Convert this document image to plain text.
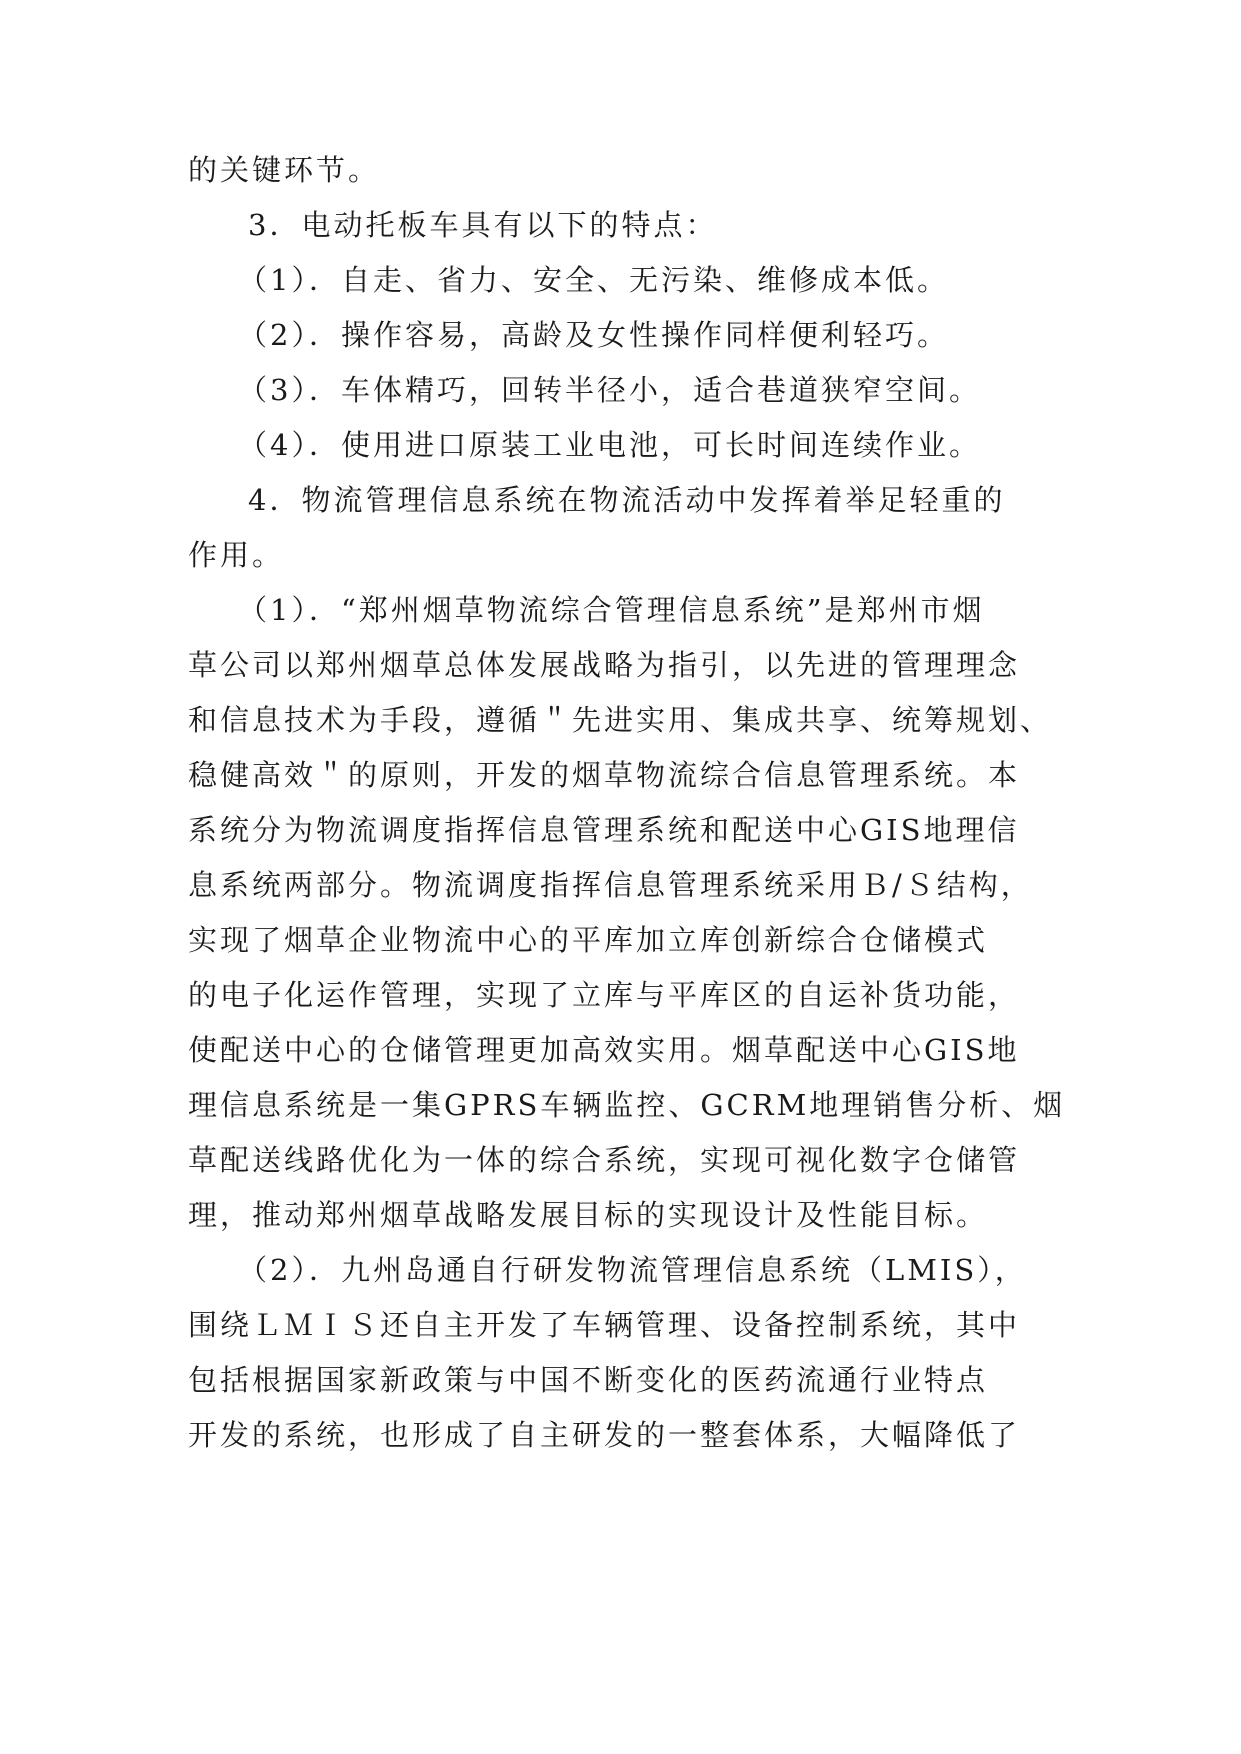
的关键环节。
3．电动托板车具有以下的特点：
（1）．自走、省力、安全、无污染、维修成本低。
（2）．操作容易，高龄及女性操作同样便利轻巧。
（3）．车体精巧，回转半径小，适合巷道狭窄空间。
（4）．使用进口原装工业电池，可长时间连续作业。
4．物流管理信息系统在物流活动中发挥着举足轻重的
作用。
（1）．“郑州烟草物流综合管理信息系统”是郑州市烟
草公司以郑州烟草总体发展战略为指引，以先进的管理理念
和信息技术为手段，遵循＂先进实用、集成共享、统筹规划、
稳健高效＂的原则，开发的烟草物流综合信息管理系统。本
系统分为物流调度指挥信息管理系统和配送中心GIS地理信
息系统两部分。物流调度指挥信息管理系统采用Ｂ/Ｓ结构，
实现了烟草企业物流中心的平库加立库创新综合仓储模式
的电子化运作管理，实现了立库与平库区的自运补货功能，
使配送中心的仓储管理更加高效实用。烟草配送中心GIS地
理信息系统是一集GPRS车辆监控、GCRM地理销售分析、烟
草配送线路优化为一体的综合系统，实现可视化数字仓储管
理，推动郑州烟草战略发展目标的实现设计及性能目标。
（2）．九州岛通自行研发物流管理信息系统（LMIS），
围绕ＬＭＩＳ还自主开发了车辆管理、设备控制系统，其中
包括根据国家新政策与中国不断变化的医药流通行业特点
开发的系统，也形成了自主研发的一整套体系，大幅降低了
